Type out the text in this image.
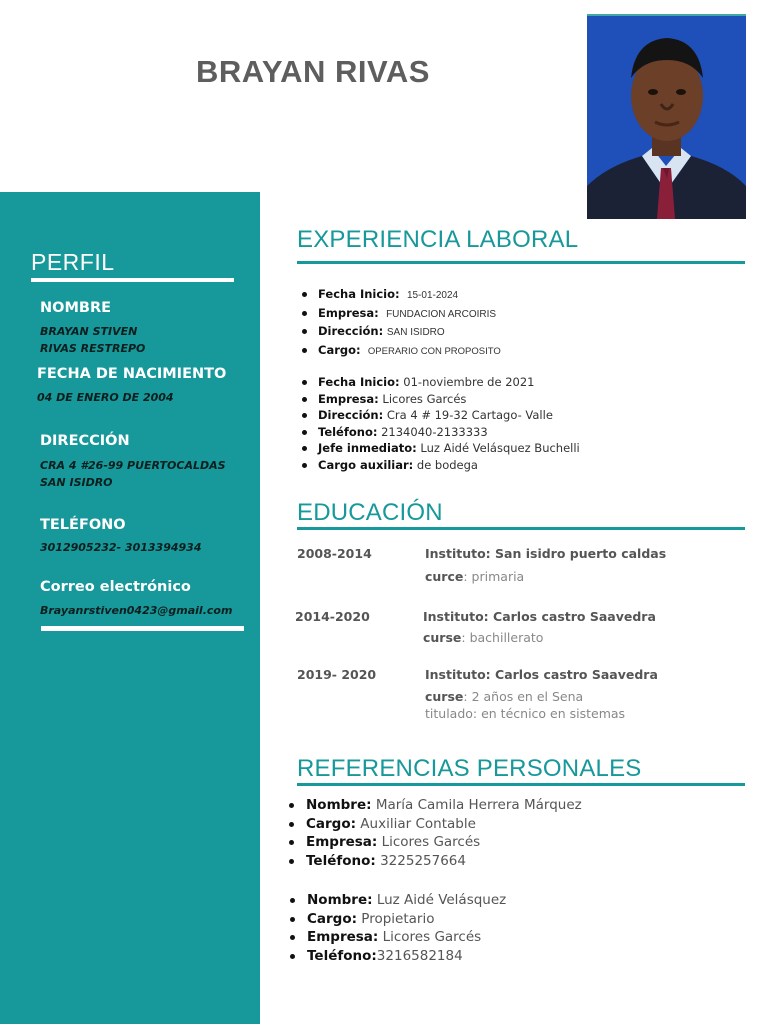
BRAYAN RIVAS
PERFIL
NOMBRE
BRAYAN STIVEN
RIVAS RESTREPO
FECHA DE NACIMIENTO
04 DE ENERO DE 2004
DIRECCIÓN
CRA 4 #26-99 PUERTOCALDAS
SAN ISIDRO
TELÉFONO
3012905232- 3013394934
Correo electrónico
Brayanrstiven0423@gmail.com
EXPERIENCIA LABORAL
Fecha Inicio: 15-01-2024
Empresa: FUNDACION ARCOIRIS
Dirección: SAN ISIDRO
Cargo: OPERARIO CON PROPOSITO
Fecha Inicio: 01-noviembre de 2021
Empresa: Licores Garcés
Dirección: Cra 4 # 19-32 Cartago- Valle
Teléfono: 2134040-2133333
Jefe inmediato: Luz Aidé Velásquez Buchelli
Cargo auxiliar: de bodega
EDUCACIÓN
2008-2014	Instituto: San isidro puerto caldas
curce: primaria
2014-2020	Instituto: Carlos castro Saavedra
curse: bachillerato
2019- 2020	Instituto: Carlos castro Saavedra
curse: 2 años en el Sena
titulado: en técnico en sistemas
REFERENCIAS PERSONALES
Nombre: María Camila Herrera Márquez
Cargo: Auxiliar Contable
Empresa: Licores Garcés
Teléfono: 3225257664
Nombre: Luz Aidé Velásquez
Cargo: Propietario
Empresa: Licores Garcés
Teléfono:3216582184
